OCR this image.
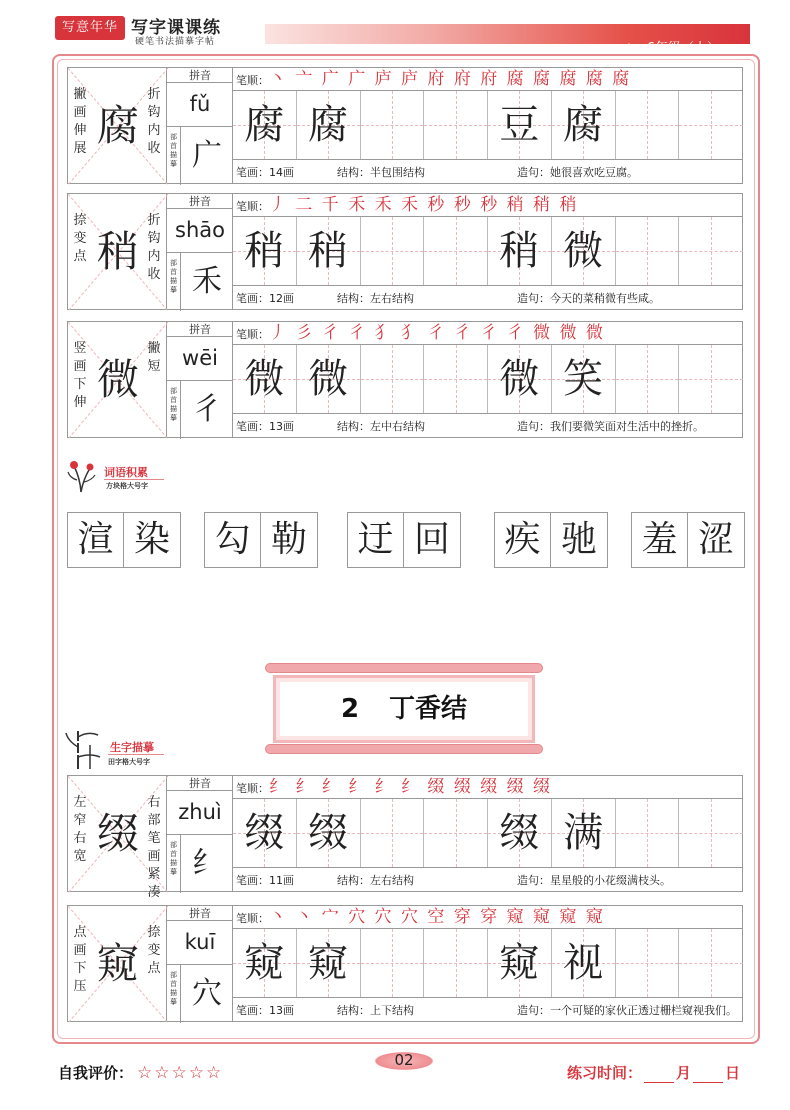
写意年华 写字课课练
硬笔书法描摹字帖	★ 6年级（上）
撇画伸展 腐
折钩内收
拼音
fǔ
部首描摹 广
笔顺：丶 亠 广 广 庐 庐 府 府 府 腐 腐 腐 腐 腐
腐 腐	豆 腐
笔画：14画	结构：半包围结构	造句：她很喜欢吃豆腐。
捺变点 稍
折钩内收
拼音
shāo
部首描摹 禾
笔顺：丿 二 千 禾 禾 禾 秒 秒 秒 稍 稍 稍
稍 稍	稍 微
笔画：12画	结构：左右结构	造句：今天的菜稍微有些咸。
竖画下伸 微
撇短
拼音
wēi
部首描摹 彳
笔顺：丿 彡 彳 彳 犭 犭 彳 彳 彳 彳 微 微 微
微 微	微 笑
笔画：13画	结构：左中右结构	造句：我们要微笑面对生活中的挫折。
词语积累
方块格大号字
渲 染 勾 勒 迂 回 疾 驰 羞 涩
2 丁香结
生字描摹
田字格大号字
左窄右宽 缀
右部笔画紧凑
拼音
zhuì
部首描摹 纟
笔顺：纟 纟 纟 纟 纟 纟 缀 缀 缀 缀 缀
缀 缀	缀 满
笔画：11画	结构：左右结构	造句：星星般的小花缀满枝头。
点画下压 窥
捺变点
拼音
kuī
部首描摹 穴
笔顺：丶 丶 宀 穴 穴 穴 空 穿 穿 窥 窥 窥 窥
窥 窥	窥 视
笔画：13画	结构：上下结构	造句：一个可疑的家伙正透过栅栏窥视我们。
自我评价： ☆☆☆☆☆
02
练习时间： 月 日
